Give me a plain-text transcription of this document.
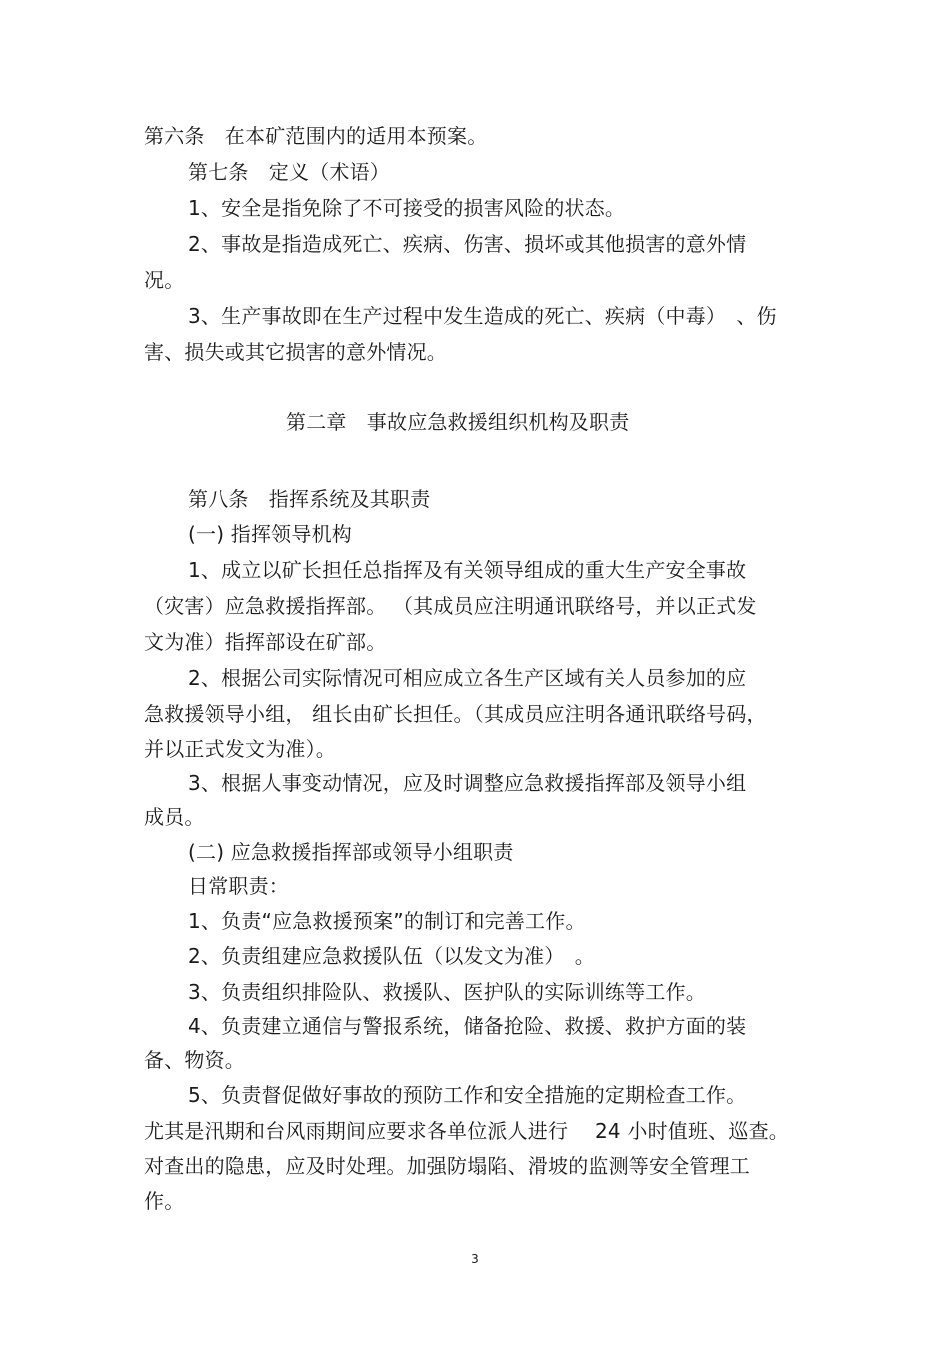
第六条　在本矿范围内的适用本预案。
第七条　定义（术语）
1、安全是指免除了不可接受的损害风险的状态。
2、事故是指造成死亡、疾病、伤害、损坏或其他损害的意外情
况。
3、生产事故即在生产过程中发生造成的死亡、疾病（中毒）　、伤
害、损失或其它损害的意外情况。
第二章　事故应急救援组织机构及职责
第八条　指挥系统及其职责
(一) 指挥领导机构
1、成立以矿长担任总指挥及有关领导组成的重大生产安全事故
（灾害）应急救援指挥部。 （其成员应注明通讯联络号，并以正式发
文为准）指挥部设在矿部。
2、根据公司实际情况可相应成立各生产区域有关人员参加的应
急救援领导小组， 组长由矿长担任。（其成员应注明各通讯联络号码，
并以正式发文为准）。
3、根据人事变动情况，应及时调整应急救援指挥部及领导小组
成员。
(二) 应急救援指挥部或领导小组职责
日常职责：
1、负责“应急救援预案”的制订和完善工作。
2、负责组建应急救援队伍（以发文为准）　。
3、负责组织排险队、救援队、医护队的实际训练等工作。
4、负责建立通信与警报系统，储备抢险、救援、救护方面的装
备、物资。
5、负责督促做好事故的预防工作和安全措施的定期检查工作。
尤其是汛期和台风雨期间应要求各单位派人进行　 24 小时值班、巡查。
对查出的隐患，应及时处理。加强防塌陷、滑坡的监测等安全管理工
作。
3
